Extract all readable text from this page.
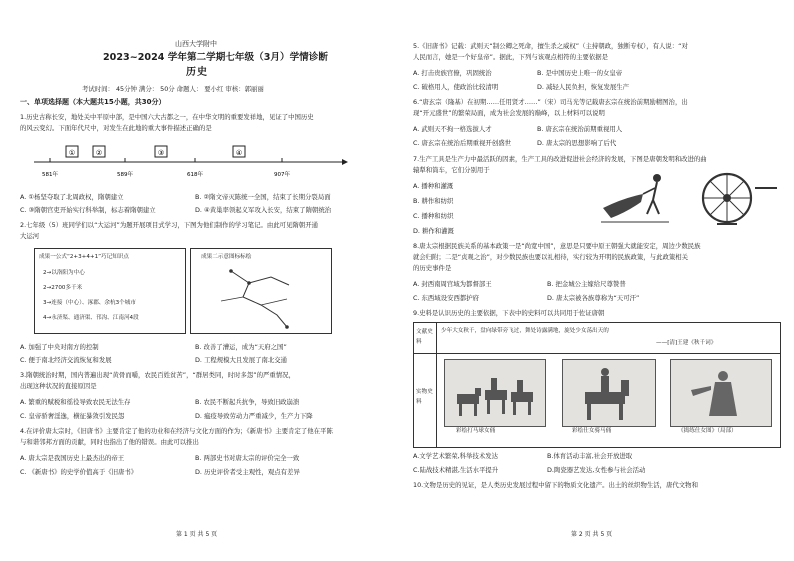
山西大学附中
2023~2024 学年第二学期七年级（3月）学情诊断
历史
考试时间： 45分钟 满分： 50分 命题人： 要小红 审核：郭丽丽
一、单项选择题（本大题共15小题，共30分）
1.历史古称长安，地处关中平原中部，是中国六大古都之一，在中华文明的重要发祥地，见证了中国历史
的风云变幻。下面年代尺中，对发生在此地的重大事件描述正确的是
①	②	③	④
581年	589年	618年	907年
A. ①杨坚夺取了北周政权，隋朝建立	B. ②隋文帝灭陈统一全国，结束了长期分裂局面
C. ③隋朝官吏开始实行科举制，标志着隋朝建立	D. ④黄巢率领起义军攻入长安，结束了隋朝统治
2.七年级（5）班同学们以“大运河”为题开展项目式学习，下图为他们制作的学习笔记。由此可见隋朝开通
大运河
成果一公式“2+3+4+1”巧记知识点
2→以洛阳为中心
2→2700多千米
3→连接（中心）、涿郡、余杭3个城市
4→永济渠、通济渠、邗沟、江南河4段
成果二示意图标标绘
A. 加强了中央对南方的控制	B. 改善了漕运，成为“天府之国”
C. 便于南北经济交流恢复和发展	D. 工程规模大且发展了南北交通
3.隋朝统治时期，国内普遍出现“黄骨而嚼，农民百姓贫苦”，“群居类同，时时多怨”的严重情况，
出现这种状况的直接原因是
A. 繁重的赋税和徭役导致农民无法生存	B. 农民不断起兵抗争，导致旧政崩溃
C. 皇帝骄奢淫逸，横征暴敛引发民怨	D. 瘟疫导致劳动力严重减少，生产力下降
4.在评价唐太宗时，《旧唐书》主要肯定了他的功业和在经济与文化方面的作为；《新唐书》主要肯定了他在平陈
与和谐邻邦方面的贡献，同时也指出了他的错误。由此可以推出
A. 唐太宗是我国历史上最杰出的帝王	B. 两部史书对唐太宗的评价完全一致
C. 《新唐书》的史学价值高于《旧唐书》	D. 历史评价者受主观性，观点有差异
第 1 页 共 5 页
5.《旧唐书》记载：武则天“制公卿之死命，擅生杀之威权”（主持朝政，独断专权），有人说：“对
人民而言，她是一个好皇帝”。据此，下列与该观点相符的主要依据是
A. 打击贵族官僚，巩固统治	B. 是中国历史上唯一的女皇帝
C. 破格用人，使政治比较清明	D. 减轻人民负担，恢复发展生产
6.“唐玄宗（隆基）在初期……任用贤才……”（宋）司马光等记载唐玄宗在统治前期励精图治，出
现“开元盛世”的繁荣局面，成为社会发展的巅峰，以上材料可以说明
A. 武则天不拘一格选拔人才	B. 唐玄宗在统治前期重视用人
C. 唐玄宗在统治后期重视开创盛世	D. 唐太宗的思想影响了后代
7.生产工具是生产力中最活跃的因素，生产工具的改进促进社会经济的发展，下图是唐朝发明和改进的曲
辕犁和筒车，它们分别用于
A. 播种和灌溉
B. 耕作和纺织
C. 播种和纺织
D. 耕作和灌溉
8.唐太宗根据民族关系的基本政策一是“尚宽中国”，意思是只要中原王朝强大就能安定，周边少数民族
就会归附；二是“贞观之治”，对少数民族也要以礼相待，实行较为开明的民族政策，与此政策相关
的历史事件是
A. 封西南周官域为都督部王	B. 把金城公主嫁给尺尊赞普
C. 东西域设安西都护府	D. 唐太宗被各族尊称为“天可汗”
9.史料是认识历史的主要依据，下表中的史料可以共同用于佐证唐朝
文献史料
少年大女秋千，盘向绿带旁飞过，舞处诗露满地，旋处少女荡出天的
——[清]王建《秋千词》
实物史料
彩绘打马球女俑	彩绘仕女骑马俑	《捣练仕女图》（局部）
A.文学艺术繁荣,科举技术发达	B.体育活动丰富,社会开放进取
C.陆战技术精湛,生活水平提升	D.陶瓷器艺发达,女性参与社会活动
10.文物是历史的见证，是人类历史发展过程中留下的物质文化遗产。出土的丝织物生活，唐代文物和
第 2 页 共 5 页
